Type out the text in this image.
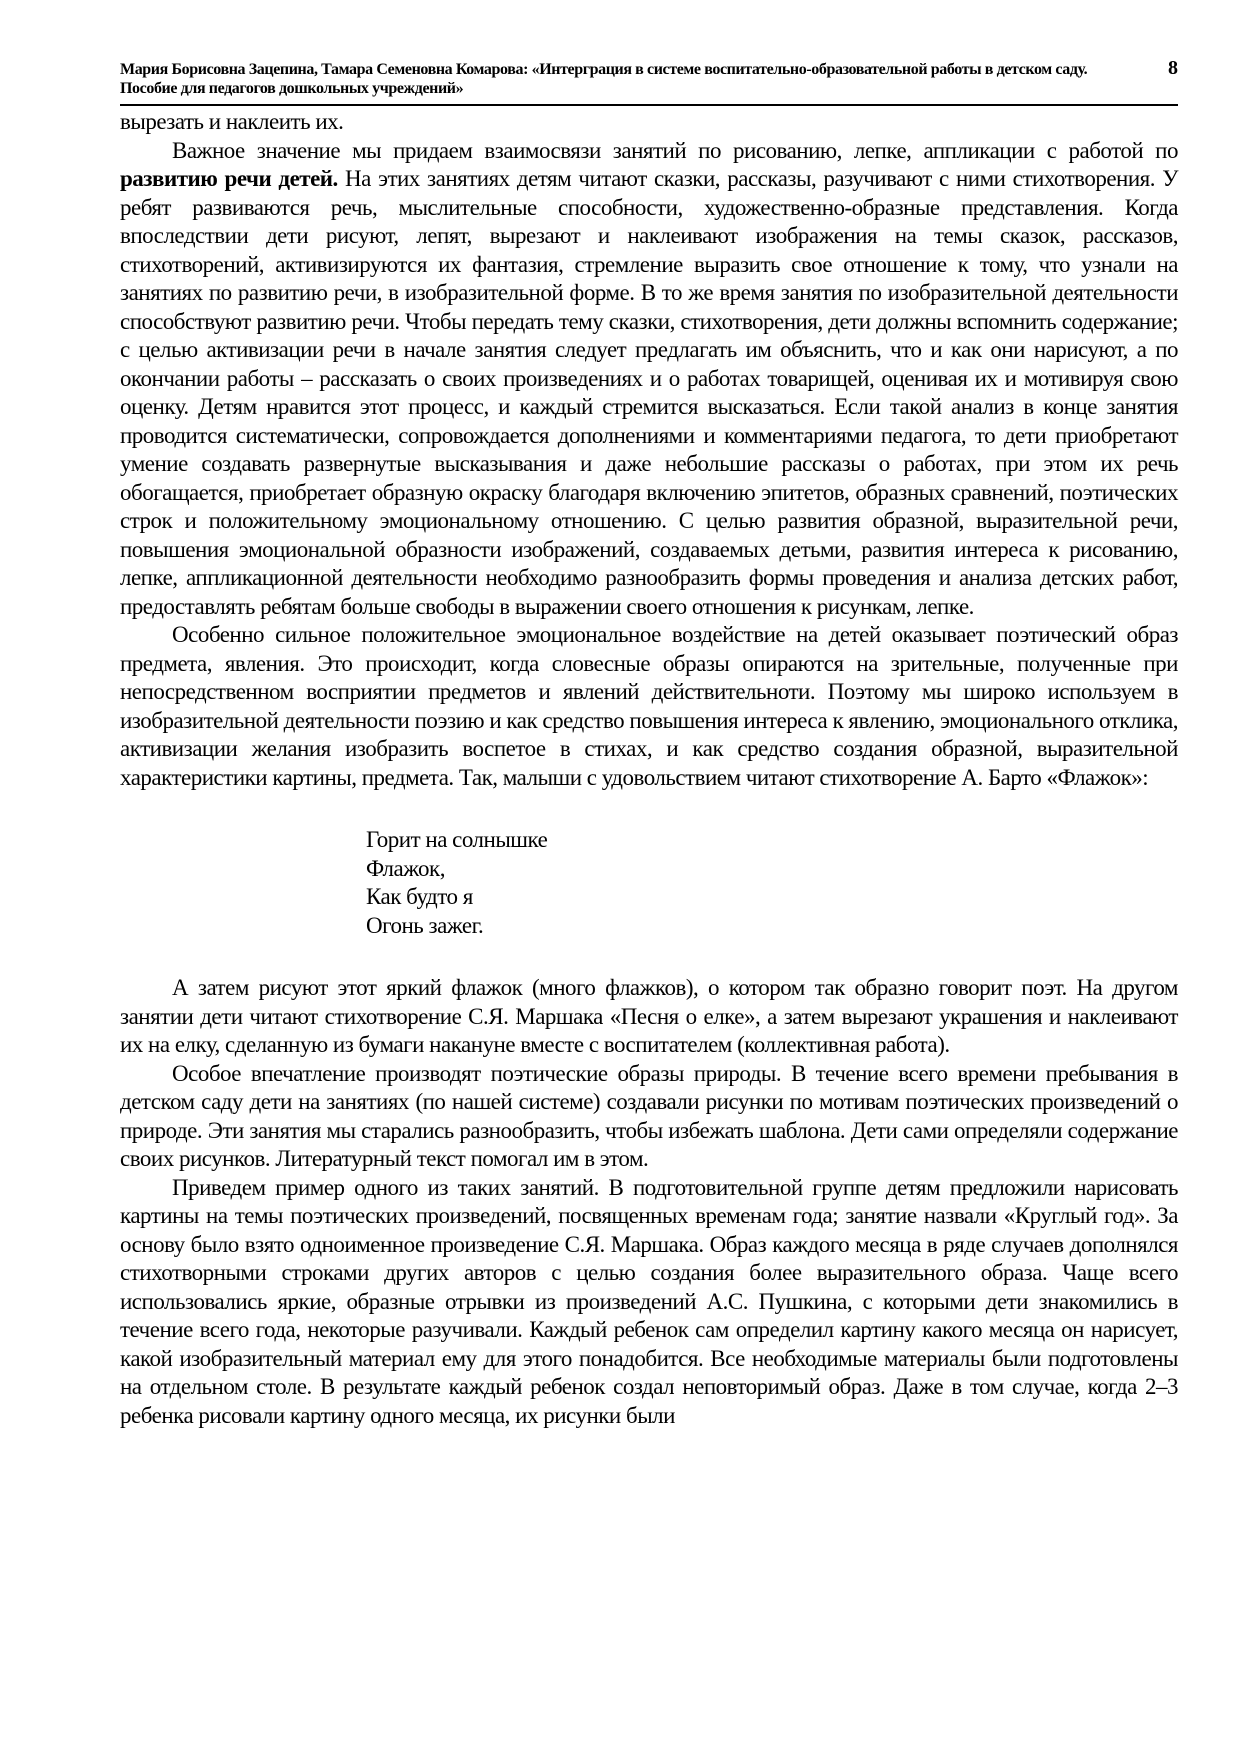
Мария Борисовна Зацепина, Тамара Семеновна Комарова: «Интергрaция в системе воспитательно-образовательной работы в детском саду. Пособие для педагогов дошкольных учреждений»
8

вырезать и наклеить их.

Важное значение мы придаем взаимосвязи занятий по рисованию, лепке, аппликации с работой по развитию речи детей. На этих занятиях детям читают сказки, рассказы, разучивают с ними стихотворения. У ребят развиваются речь, мыслительные способности, художественно-образные представления. Когда впоследствии дети рисуют, лепят, вырезают и наклеивают изображения на темы сказок, рассказов, стихотворений, активизируются их фантазия, стремление выразить свое отношение к тому, что узнали на занятиях по развитию речи, в изобразительной форме. В то же время занятия по изобразительной деятельности способствуют развитию речи. Чтобы передать тему сказки, стихотворения, дети должны вспомнить содержание; с целью активизации речи в начале занятия следует предлагать им объяснить, что и как они нарисуют, а по окончании работы – рассказать о своих произведениях и о работах товарищей, оценивая их и мотивируя свою оценку. Детям нравится этот процесс, и каждый стремится высказаться. Если такой анализ в конце занятия проводится систематически, сопровождается дополнениями и комментариями педагога, то дети приобретают умение создавать развернутые высказывания и даже небольшие рассказы о работах, при этом их речь обогащается, приобретает образную окраску благодаря включению эпитетов, образных сравнений, поэтических строк и положительному эмоциональному отношению. С целью развития образной, выразительной речи, повышения эмоциональной образности изображений, создаваемых детьми, развития интереса к рисованию, лепке, аппликационной деятельности необходимо разнообразить формы проведения и анализа детских работ, предоставлять ребятам больше свободы в выражении своего отношения к рисункам, лепке.

Особенно сильное положительное эмоциональное воздействие на детей оказывает поэтический образ предмета, явления. Это происходит, когда словесные образы опираются на зрительные, полученные при непосредственном восприятии предметов и явлений действительноти. Поэтому мы широко используем в изобразительной деятельности поэзию и как средство повышения интереса к явлению, эмоционального отклика, активизации желания изобразить воспетое в стихах, и как средство создания образной, выразительной характеристики картины, предмета. Так, малыши с удовольствием читают стихотворение А. Барто «Флажок»:

Горит на солнышке
Флажок,
Как будто я
Огонь зажег.

А затем рисуют этот яркий флажок (много флажков), о котором так образно говорит поэт. На другом занятии дети читают стихотворение С.Я. Маршака «Песня о елке», а затем вырезают украшения и наклеивают их на елку, сделанную из бумаги накануне вместе с воспитателем (коллективная работа).

Особое впечатление производят поэтические образы природы. В течение всего времени пребывания в детском саду дети на занятиях (по нашей системе) создавали рисунки по мотивам поэтических произведений о природе. Эти занятия мы старались разнообразить, чтобы избежать шаблона. Дети сами определяли содержание своих рисунков. Литературный текст помогал им в этом.

Приведем пример одного из таких занятий. В подготовительной группе детям предложили нарисовать картины на темы поэтических произведений, посвященных временам года; занятие назвали «Круглый год». За основу было взято одноименное произведение С.Я. Маршака. Образ каждого месяца в ряде случаев дополнялся стихотворными строками других авторов с целью создания более выразительного образа. Чаще всего использовались яркие, образные отрывки из произведений А.С. Пушкина, с которыми дети знакомились в течение всего года, некоторые разучивали. Каждый ребенок сам определил картину какого месяца он нарисует, какой изобразительный материал ему для этого понадобится. Все необходимые материалы были подготовлены на отдельном столе. В результате каждый ребенок создал неповторимый образ. Даже в том случае, когда 2–3 ребенка рисовали картину одного месяца, их рисунки были
